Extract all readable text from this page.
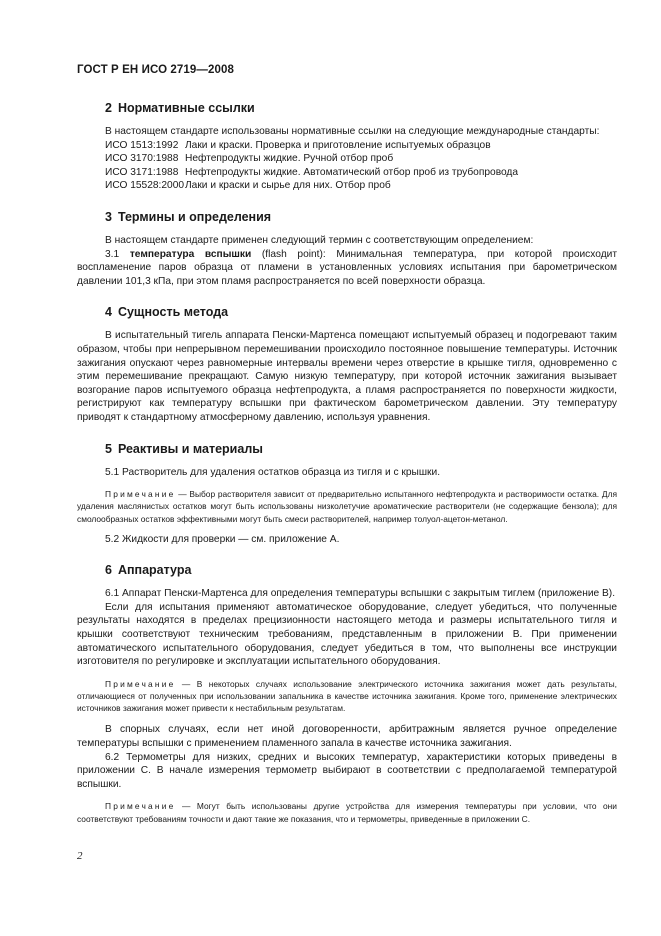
ГОСТ Р ЕН ИСО 2719—2008
2 Нормативные ссылки

В настоящем стандарте использованы нормативные ссылки на следующие международные стандарты:

ИСО 1513:1992 Лаки и краски. Проверка и приготовление испытуемых образцов
ИСО 3170:1988 Нефтепродукты жидкие. Ручной отбор проб
ИСО 3171:1988 Нефтепродукты жидкие. Автоматический отбор проб из трубопровода
ИСО 15528:2000Лаки и краски и сырье для них. Отбор проб
3 Термины и определения

В настоящем стандарте применен следующий термин с соответствующим определением:

3.1 температура вспышки (flash point): Минимальная температура, при которой происходит воспламенение паров образца от пламени в установленных условиях испытания при барометрическом давлении 101,3 кПа, при этом пламя распространяется по всей поверхности образца.

4 Сущность метода

В испытательный тигель аппарата Пенски-Мартенса помещают испытуемый образец и подогревают таким образом, чтобы при непрерывном перемешивании происходило постоянное повышение температуры. Источник зажигания опускают через равномерные интервалы времени через отверстие в крышке тигля, одновременно с этим перемешивание прекращают. Самую низкую температуру, при которой источник зажигания вызывает возгорание паров испытуемого образца нефтепродукта, а пламя распространяется по поверхности жидкости, регистрируют как температуру вспышки при фактическом барометрическом давлении. Эту температуру приводят к стандартному атмосферному давлению, используя уравнения.

5 Реактивы и материалы

5.1 Растворитель для удаления остатков образца из тигля и с крышки.

Примечание — Выбор растворителя зависит от предварительно испытанного нефтепродукта и растворимости остатка. Для удаления маслянистых остатков могут быть использованы низколетучие ароматические растворители (не содержащие бензола); для смолообразных остатков эффективными могут быть смеси растворителей, например толуол-ацетон-метанол.

5.2 Жидкости для проверки — см. приложение А.

6 Аппаратура

6.1 Аппарат Пенски-Мартенса для определения температуры вспышки с закрытым тиглем (приложение В).

Если для испытания применяют автоматическое оборудование, следует убедиться, что полученные результаты находятся в пределах прецизионности настоящего метода и размеры испытательного тигля и крышки соответствуют техническим требованиям, представленным в приложении В. При применении автоматического испытательного оборудования, следует убедиться в том, что выполнены все инструкции изготовителя по регулировке и эксплуатации испытательного оборудования.

Примечание — В некоторых случаях использование электрического источника зажигания может дать результаты, отличающиеся от полученных при использовании запальника в качестве источника зажигания. Кроме того, применение электрических источников зажигания может привести к нестабильным результатам.

В спорных случаях, если нет иной договоренности, арбитражным является ручное определение температуры вспышки с применением пламенного запала в качестве источника зажигания.

6.2 Термометры для низких, средних и высоких температур, характеристики которых приведены в приложении С. В начале измерения термометр выбирают в соответствии с предполагаемой температурой вспышки.

Примечание — Могут быть использованы другие устройства для измерения температуры при условии, что они соответствуют требованиям точности и дают такие же показания, что и термометры, приведенные в приложении С.

2
